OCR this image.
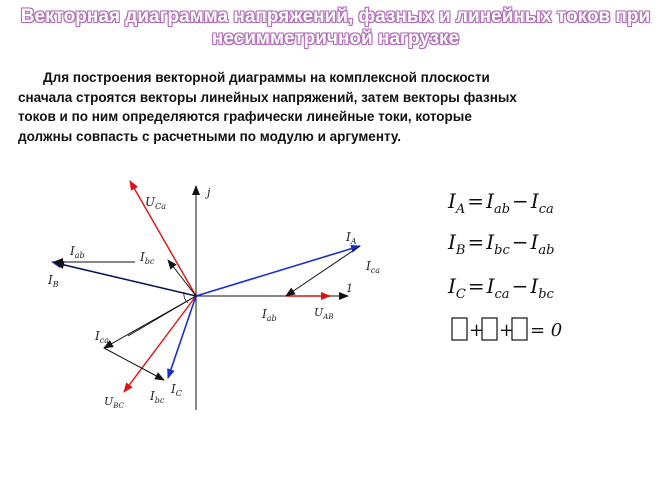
Векторная диаграмма напряжений, фазных и линейных токов при
несимметричной нагрузке
Для построения векторной диаграммы на комплексной плоскости
сначала строятся векторы линейных напряжений, затем векторы фазных
токов и по ним определяются графически линейные токи, которые
должны совпасть с расчетными по модулю и аргументу.
j
1
$U_{Ca}$
$I_A$
$I_{ca}$
$I_{ab}$	$I_{bc}$
$I_B$
$I_{ab}$	$U_{AB}$
$I_{ca}$
$I_C$
$I_{bc}$
$U_{BC}$
$I_A = I_{ab} - I_{ca}$
$I_B = I_{bc} - I_{ab}$
$I_C = I_{ca} - I_{bc}$
+ + = 0
